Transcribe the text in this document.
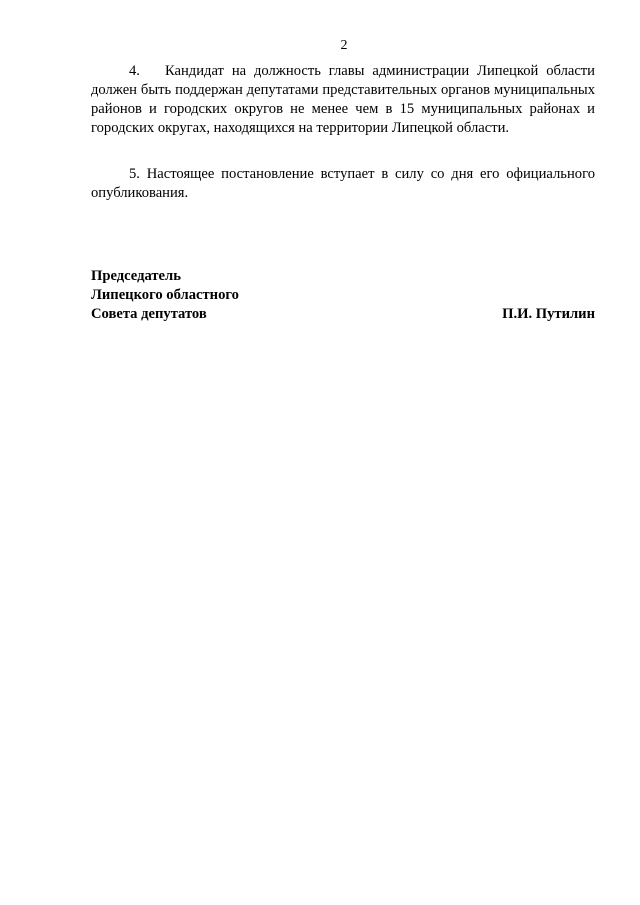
2
4. Кандидат на должность главы администрации Липецкой области должен быть поддержан депутатами представительных органов муниципальных районов и городских округов не менее чем в 15 муниципальных районах и городских округах, находящихся на территории Липецкой области.
5. Настоящее постановление вступает в силу со дня его официального опубликования.
Председатель
Липецкого областного
Совета депутатов	П.И. Путилин
